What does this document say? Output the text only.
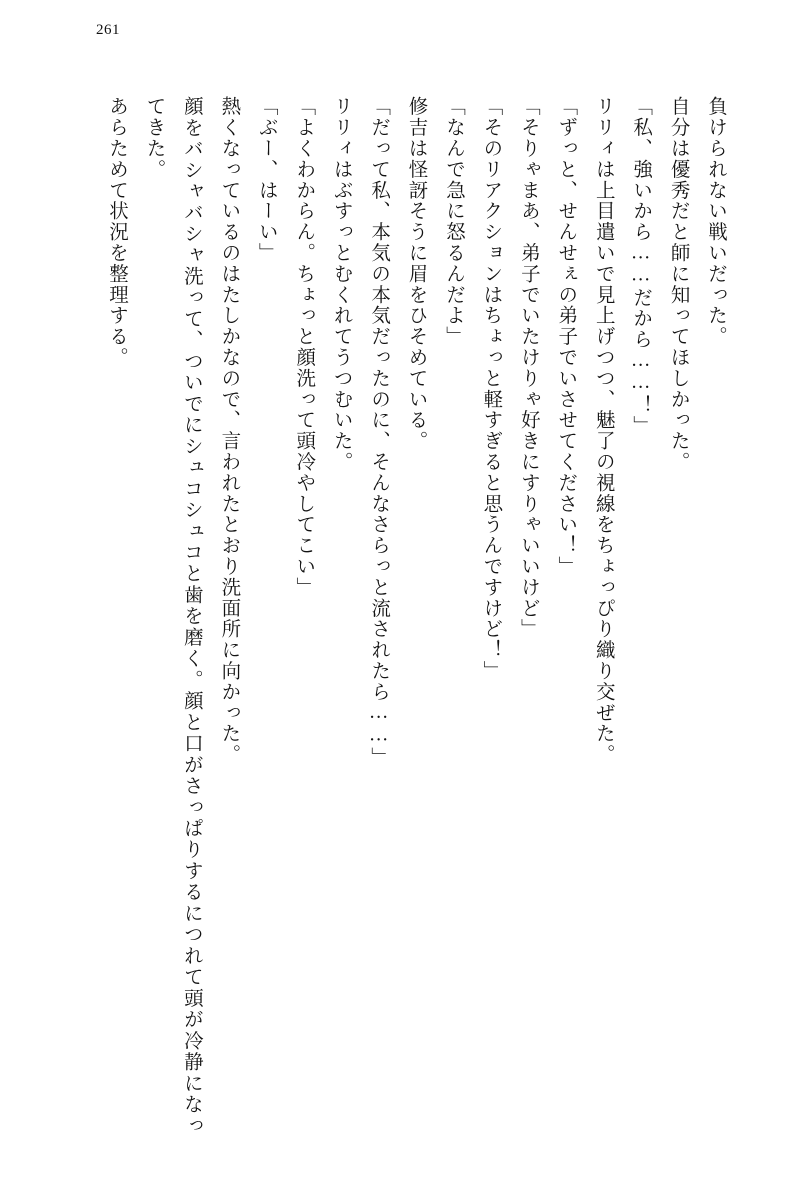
261

負けられない戦いだった。

自分は優秀だと師に知ってほしかった。

「私、強いから……だから……！」

リリィは上目遣いで見上げつつ、魅了の視線をちょっぴり織り交ぜた。

「ずっと、せんせぇの弟子でいさせてください！」

「そりゃまあ、弟子でいたけりゃ好きにすりゃいいけど」

「そのリアクションはちょっと軽すぎると思うんですけど！」

「なんで急に怒るんだよ」

修吉は怪訝そうに眉をひそめている。

「だって私、本気の本気だったのに、そんなさらっと流されたら……」

リリィはぶすっとむくれてうつむいた。

「よくわからん。ちょっと顔洗って頭冷やしてこい」

「ぶー、はーい」

熱くなっているのはたしかなので、言われたとおり洗面所に向かった。

顔をバシャバシャ洗って、ついでにシュコシュコと歯を磨く。顔と口がさっぱりするにつれて頭が冷静になってきた。

あらためて状況を整理する。
